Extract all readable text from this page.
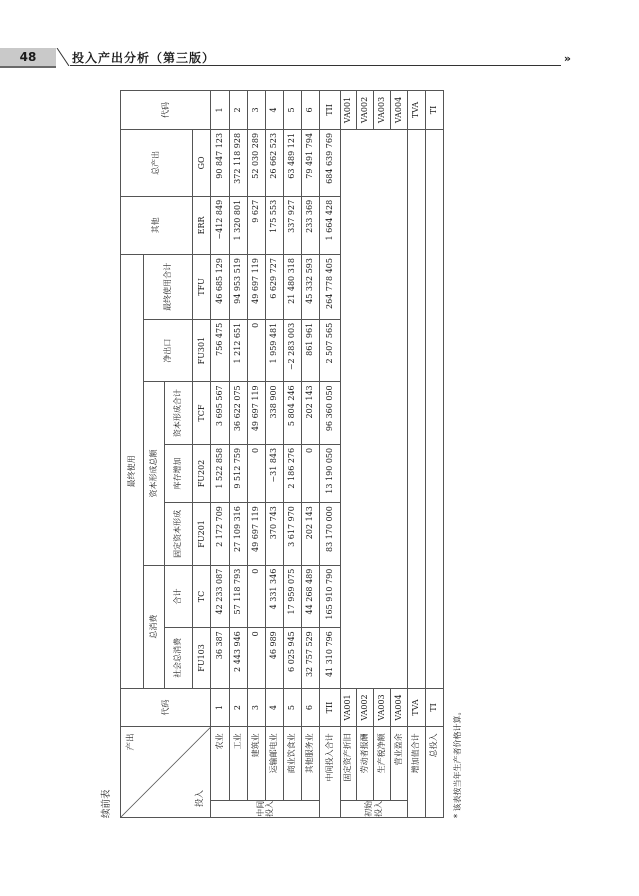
48	投入产出分析（第三版）	»
续前表
产出
投入		代码	最终使用							其他	总产出	代码
			总消费		资本形成总额			净出口	最终使用合计			
			社会总消费	合计	固定资本形成	库存增加	资本形成合计					
			FU103	TC	FU201	FU202	TCF	FU301	TFU	ERR	GO	
中间投入	农业	1	36 387	42 233 087	2 172 709	1 522 858	3 695 567	756 475	46 685 129	−412 849	90 847 123	1
	工业	2	2 443 946	57 118 793	27 109 316	9 512 759	36 622 075	1 212 651	94 953 519	1 320 801	372 118 928	2
	建筑业	3	0	0	49 697 119	0	49 697 119	0	49 697 119	9 627	52 030 289	3
	运输邮电业	4	46 989	4 331 346	370 743	−31 843	338 900	1 959 481	6 629 727	175 553	26 662 523	4
	商业饮食业	5	6 025 945	17 959 075	3 617 970	2 186 276	5 804 246	−2 283 003	21 480 318	337 927	63 489 121	5
	其他服务业	6	32 757 529	44 268 489	202 143	0	202 143	861 961	45 332 593	233 369	79 491 794	6
中间投入合计		TII	41 310 796	165 910 790	83 170 000	13 190 050	96 360 050	2 507 565	264 778 405	1 664 428	684 639 769	TII
初始投入	固定资产折旧	VA001										VA001
	劳动者报酬	VA002										VA002
	生产税净额	VA003										VA003
	营业盈余	VA004										VA004
增加值合计		TVA										TVA
总投入		TI										TI
* 该表按当年生产者价格计算。
